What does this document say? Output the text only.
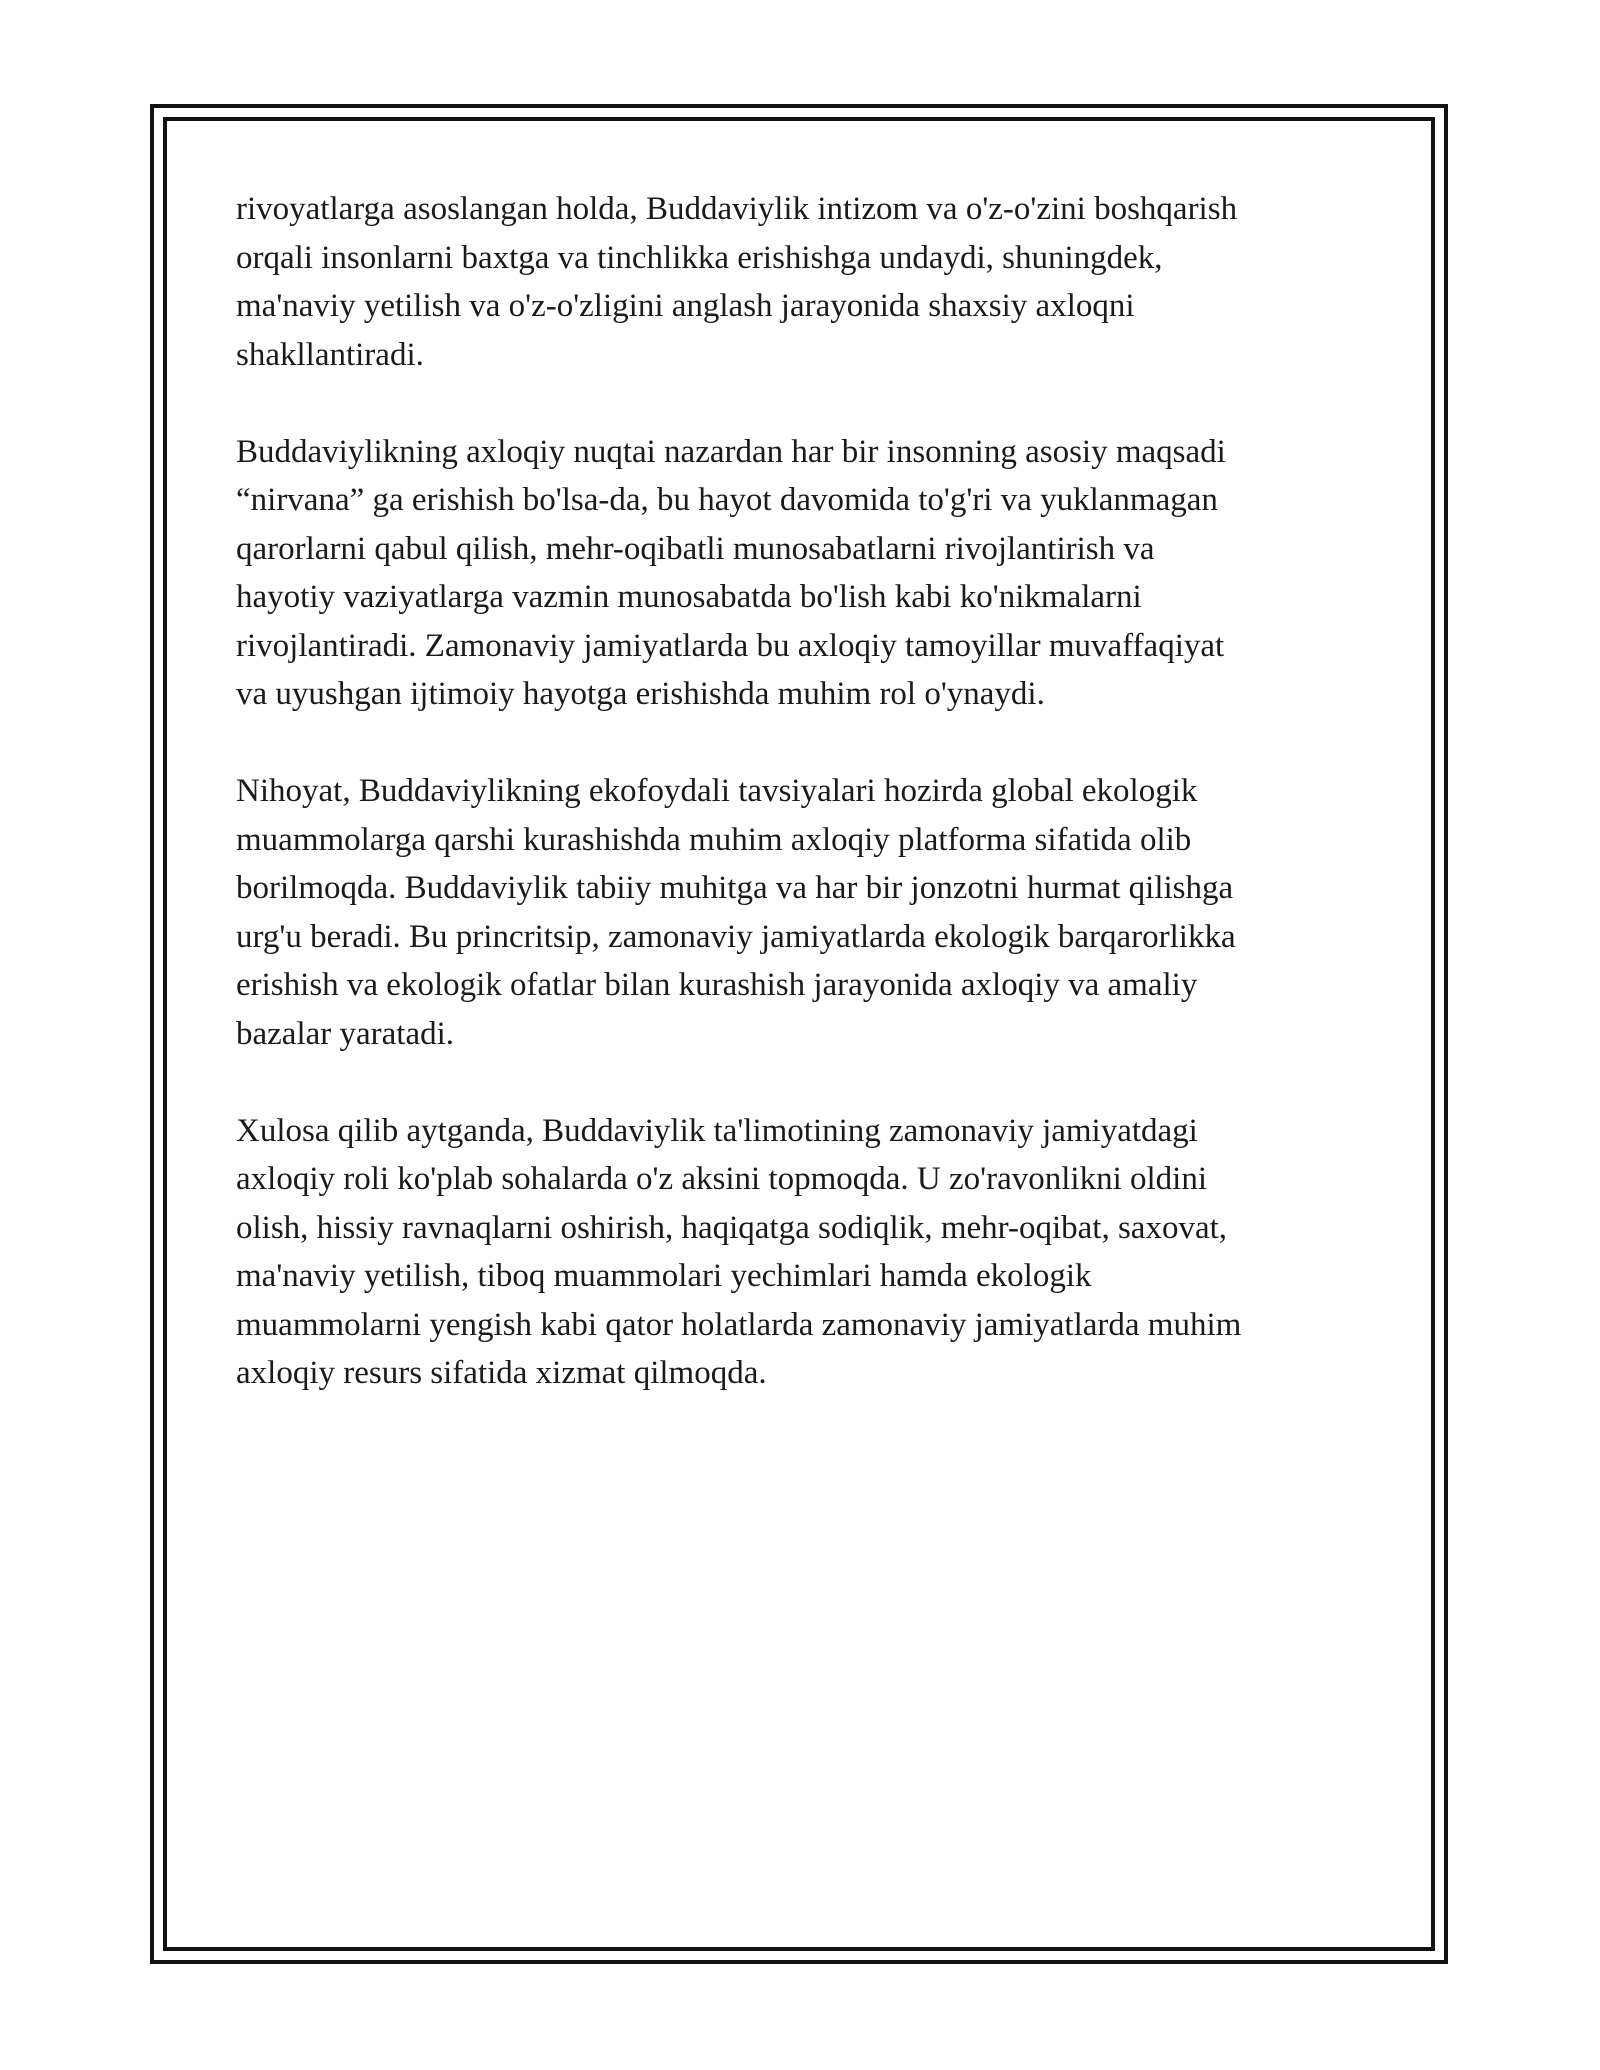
rivoyatlarga asoslangan holda, Buddaviylik intizom va o'z-o'zini boshqarish
orqali insonlarni baxtga va tinchlikka erishishga undaydi, shuningdek,
ma'naviy yetilish va o'z-o'zligini anglash jarayonida shaxsiy axloqni
shakllantiradi.

Buddaviylikning axloqiy nuqtai nazardan har bir insonning asosiy maqsadi
“nirvana” ga erishish bo'lsa-da, bu hayot davomida to'g'ri va yuklanmagan
qarorlarni qabul qilish, mehr-oqibatli munosabatlarni rivojlantirish va
hayotiy vaziyatlarga vazmin munosabatda bo'lish kabi ko'nikmalarni
rivojlantiradi. Zamonaviy jamiyatlarda bu axloqiy tamoyillar muvaffaqiyat
va uyushgan ijtimoiy hayotga erishishda muhim rol o'ynaydi.

Nihoyat, Buddaviylikning ekofoydali tavsiyalari hozirda global ekologik
muammolarga qarshi kurashishda muhim axloqiy platforma sifatida olib
borilmoqda. Buddaviylik tabiiy muhitga va har bir jonzotni hurmat qilishga
urg'u beradi. Bu princritsip, zamonaviy jamiyatlarda ekologik barqarorlikka
erishish va ekologik ofatlar bilan kurashish jarayonida axloqiy va amaliy
bazalar yaratadi.

Xulosa qilib aytganda, Buddaviylik ta'limotining zamonaviy jamiyatdagi
axloqiy roli ko'plab sohalarda o'z aksini topmoqda. U zo'ravonlikni oldini
olish, hissiy ravnaqlarni oshirish, haqiqatga sodiqlik, mehr-oqibat, saxovat,
ma'naviy yetilish, tiboq muammolari yechimlari hamda ekologik
muammolarni yengish kabi qator holatlarda zamonaviy jamiyatlarda muhim
axloqiy resurs sifatida xizmat qilmoqda.
